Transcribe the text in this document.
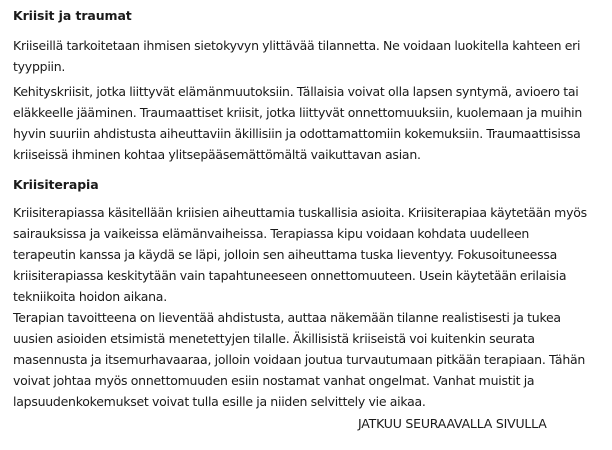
Kriisit ja traumat

Kriiseillä tarkoitetaan ihmisen sietokyvyn ylittävää tilannetta. Ne voidaan luokitella kahteen eri tyyppiin.

Kehityskriisit, jotka liittyvät elämänmuutoksiin. Tällaisia voivat olla lapsen syntymä, avioero tai eläkkeelle jääminen. Traumaattiset kriisit, jotka liittyvät onnettomuuksiin, kuolemaan ja muihin hyvin suuriin ahdistusta aiheuttaviin äkillisiin ja odottamattomiin kokemuksiin. Traumaattisissa kriiseissä ihminen kohtaa ylitsepääsemättömältä vaikuttavan asian.

Kriisiterapia

Kriisiterapiassa käsitellään kriisien aiheuttamia tuskallisia asioita. Kriisiterapiaa käytetään myös sairauksissa ja vaikeissa elämänvaiheissa. Terapiassa kipu voidaan kohdata uudelleen terapeutin kanssa ja käydä se läpi, jolloin sen aiheuttama tuska lieventyy. Fokusoituneessa kriisiterapiassa keskitytään vain tapahtuneeseen onnettomuuteen. Usein käytetään erilaisia tekniikoita hoidon aikana.

Terapian tavoitteena on lieventää ahdistusta, auttaa näkemään tilanne realistisesti ja tukea uusien asioiden etsimistä menetettyjen tilalle. Äkillisistä kriiseistä voi kuitenkin seurata masennusta ja itsemurhavaaraa, jolloin voidaan joutua turvautumaan pitkään terapiaan. Tähän voivat johtaa myös onnettomuuden esiin nostamat vanhat ongelmat. Vanhat muistit ja lapsuudenkokemukset voivat tulla esille ja niiden selvittely vie aikaa.

JATKUU SEURAAVALLA SIVULLA
